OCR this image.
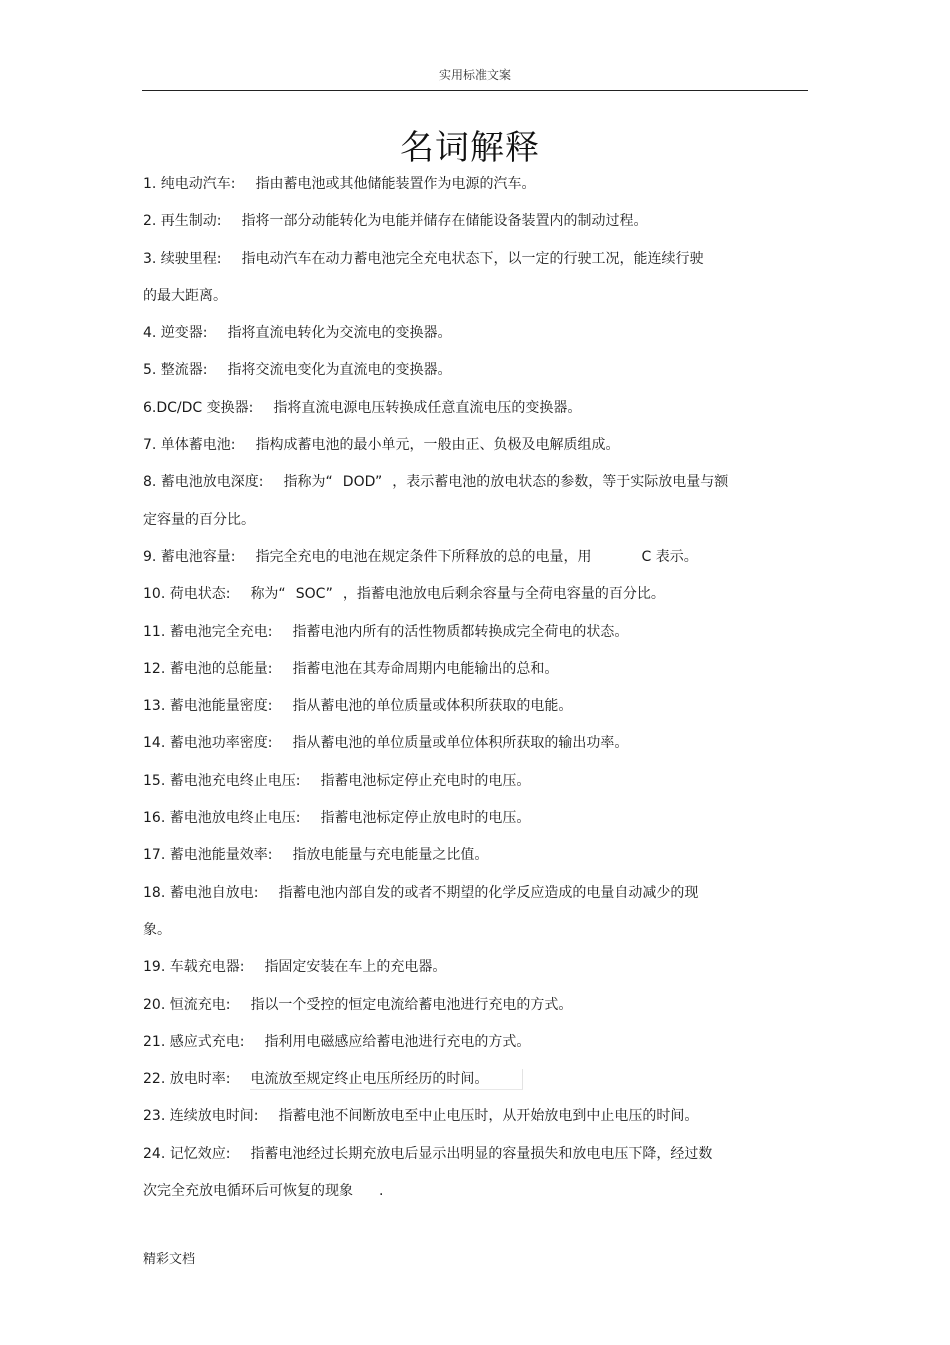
实用标准文案
名词解释
1. 纯电动汽车: 指由蓄电池或其他储能装置作为电源的汽车。
2. 再生制动: 指将一部分动能转化为电能并储存在储能设备装置内的制动过程。
3. 续驶里程: 指电动汽车在动力蓄电池完全充电状态下，以一定的行驶工况，能连续行驶
的最大距离。
4. 逆变器: 指将直流电转化为交流电的变换器。
5. 整流器: 指将交流电变化为直流电的变换器。
6.DC/DC 变换器: 指将直流电源电压转换成任意直流电压的变换器。
7. 单体蓄电池: 指构成蓄电池的最小单元，一般由正、负极及电解质组成。
8. 蓄电池放电深度: 指称为“ DOD” ，表示蓄电池的放电状态的参数，等于实际放电量与额
定容量的百分比。
9. 蓄电池容量: 指完全充电的电池在规定条件下所释放的总的电量，用	C 表示。
10. 荷电状态: 称为“ SOC” ，指蓄电池放电后剩余容量与全荷电容量的百分比。
11. 蓄电池完全充电: 指蓄电池内所有的活性物质都转换成完全荷电的状态。
12. 蓄电池的总能量: 指蓄电池在其寿命周期内电能输出的总和。
13. 蓄电池能量密度: 指从蓄电池的单位质量或体积所获取的电能。
14. 蓄电池功率密度: 指从蓄电池的单位质量或单位体积所获取的输出功率。
15. 蓄电池充电终止电压: 指蓄电池标定停止充电时的电压。
16. 蓄电池放电终止电压: 指蓄电池标定停止放电时的电压。
17. 蓄电池能量效率: 指放电能量与充电能量之比值。
18. 蓄电池自放电: 指蓄电池内部自发的或者不期望的化学反应造成的电量自动减少的现
象。
19. 车载充电器: 指固定安装在车上的充电器。
20. 恒流充电: 指以一个受控的恒定电流给蓄电池进行充电的方式。
21. 感应式充电: 指利用电磁感应给蓄电池进行充电的方式。
22. 放电时率: 电流放至规定终止电压所经历的时间。
23. 连续放电时间: 指蓄电池不间断放电至中止电压时，从开始放电到中止电压的时间。
24. 记忆效应: 指蓄电池经过长期充放电后显示出明显的容量损失和放电电压下降，经过数
次完全充放电循环后可恢复的现象 .
精彩文档
